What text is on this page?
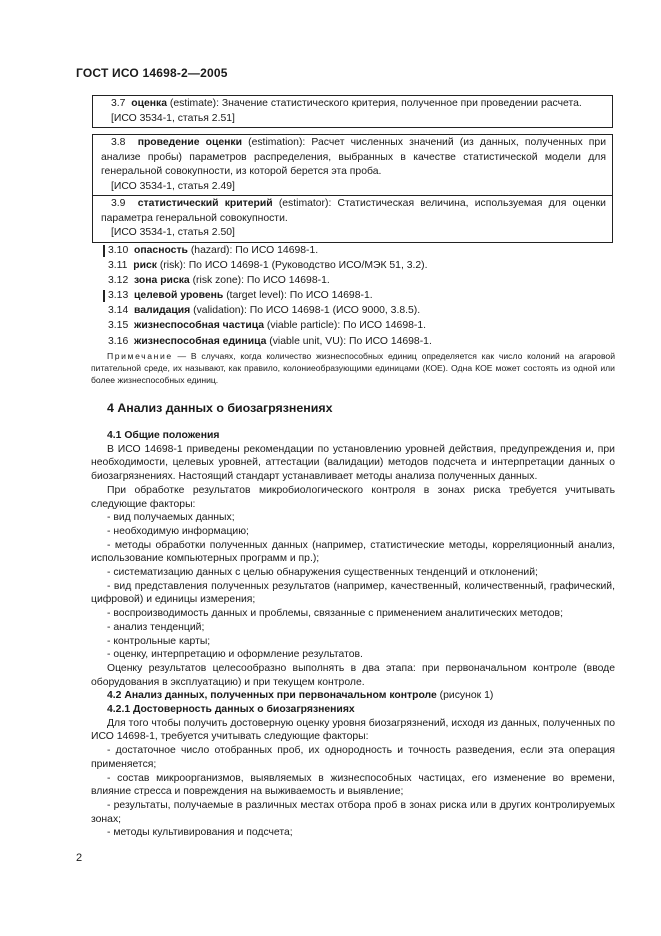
ГОСТ ИСО 14698-2—2005

3.7 оценка (estimate): Значение статистического критерия, полученное при проведении расчета.

[ИСО 3534-1, статья 2.51]

3.8 проведение оценки (estimation): Расчет численных значений (из данных, полученных при анализе пробы) параметров распределения, выбранных в качестве статистической модели для генеральной совокупности, из которой берется эта проба.

[ИСО 3534-1, статья 2.49]

3.9 статистический критерий (estimator): Статистическая величина, используемая для оценки параметра генеральной совокупности.

[ИСО 3534-1, статья 2.50]

3.10 опасность (hazard): По ИСО 14698-1.
3.11 риск (risk): По ИСО 14698-1 (Руководство ИСО/МЭК 51, 3.2).
3.12 зона риска (risk zone): По ИСО 14698-1.
3.13 целевой уровень (target level): По ИСО 14698-1.
3.14 валидация (validation): По ИСО 14698-1 (ИСО 9000, 3.8.5).
3.15 жизнеспособная частица (viable particle): По ИСО 14698-1.
3.16 жизнеспособная единица (viable unit, VU): По ИСО 14698-1.

Примечание — В случаях, когда количество жизнеспособных единиц определяется как число колоний на агаровой питательной среде, их называют, как правило, колониеобразующими единицами (КОЕ). Одна КОЕ может состоять из одной или более жизнеспособных единиц.

4 Анализ данных о биозагрязнениях

4.1 Общие положения

В ИСО 14698-1 приведены рекомендации по установлению уровней действия, предупреждения и, при необходимости, целевых уровней, аттестации (валидации) методов подсчета и интерпретации данных о биозагрязнениях. Настоящий стандарт устанавливает методы анализа полученных данных.

При обработке результатов микробиологического контроля в зонах риска требуется учитывать следующие факторы:

- вид получаемых данных;

- необходимую информацию;

- методы обработки полученных данных (например, статистические методы, корреляционный анализ, использование компьютерных программ и пр.);

- систематизацию данных с целью обнаружения существенных тенденций и отклонений;

- вид представления полученных результатов (например, качественный, количественный, графический, цифровой) и единицы измерения;

- воспроизводимость данных и проблемы, связанные с применением аналитических методов;

- анализ тенденций;

- контрольные карты;

- оценку, интерпретацию и оформление результатов.

Оценку результатов целесообразно выполнять в два этапа: при первоначальном контроле (вводе оборудования в эксплуатацию) и при текущем контроле.

4.2 Анализ данных, полученных при первоначальном контроле (рисунок 1)

4.2.1 Достоверность данных о биозагрязнениях

Для того чтобы получить достоверную оценку уровня биозагрязнений, исходя из данных, полученных по ИСО 14698-1, требуется учитывать следующие факторы:

- достаточное число отобранных проб, их однородность и точность разведения, если эта операция применяется;

- состав микроорганизмов, выявляемых в жизнеспособных частицах, его изменение во времени, влияние стресса и повреждения на выживаемость и выявление;

- результаты, получаемые в различных местах отбора проб в зонах риска или в других контролируемых зонах;

- методы культивирования и подсчета;

2
